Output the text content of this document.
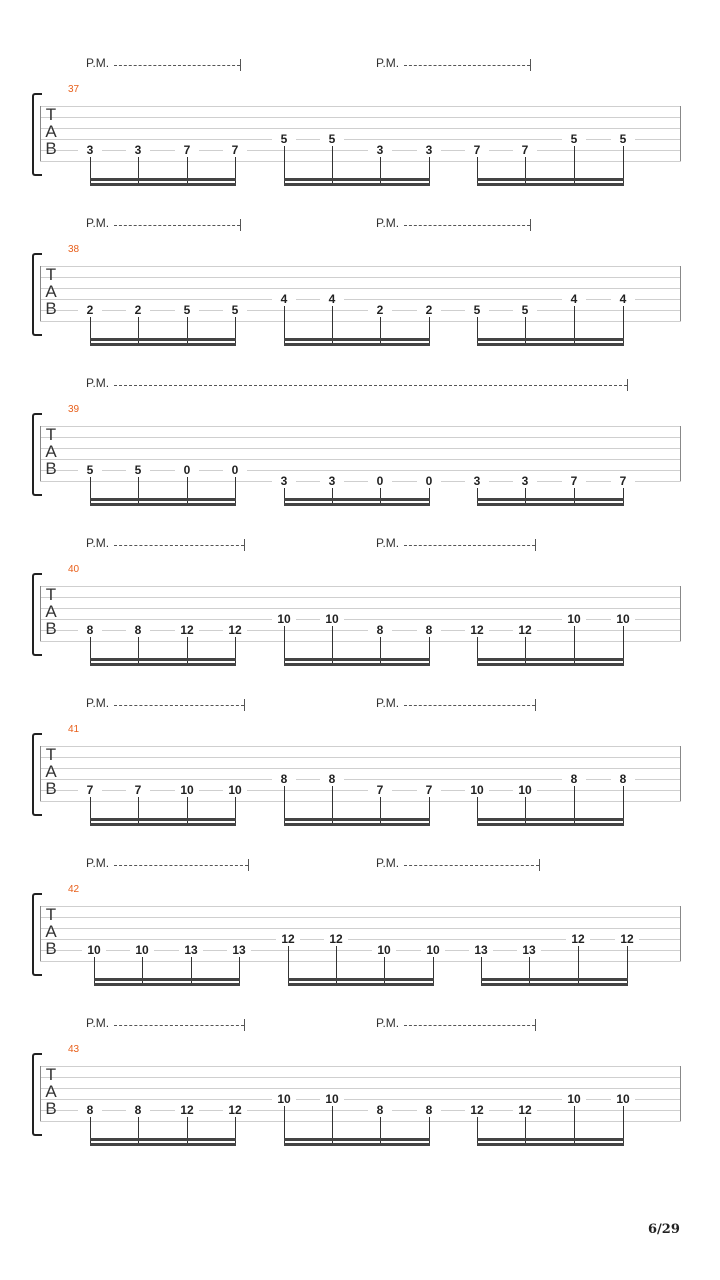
6/29
P.M.	P.M.
37
T
A
B	3	3	7	7
5	5
3	3	7	7
5	5
P.M.	P.M.
38
T
A
B	2	2	5	5
4	4
2	2	5	5
4	4
P.M.
39
T
A
B	5	5	0	0
3	3	0	0	3	3	7	7
P.M.	P.M.
40
T
A
B	8	8	12	12
10	10
8	8	12	12
10	10
P.M.	P.M.
41
T
A
B	7	7	10	10
8	8
7	7	10	10
8	8
P.M.	P.M.
42
T
A
B	10	10	13	13
12	12
10	10	13	13
12	12
P.M.	P.M.
43
T
A
B	8	8	12	12
10	10
8	8	12	12
10	10
